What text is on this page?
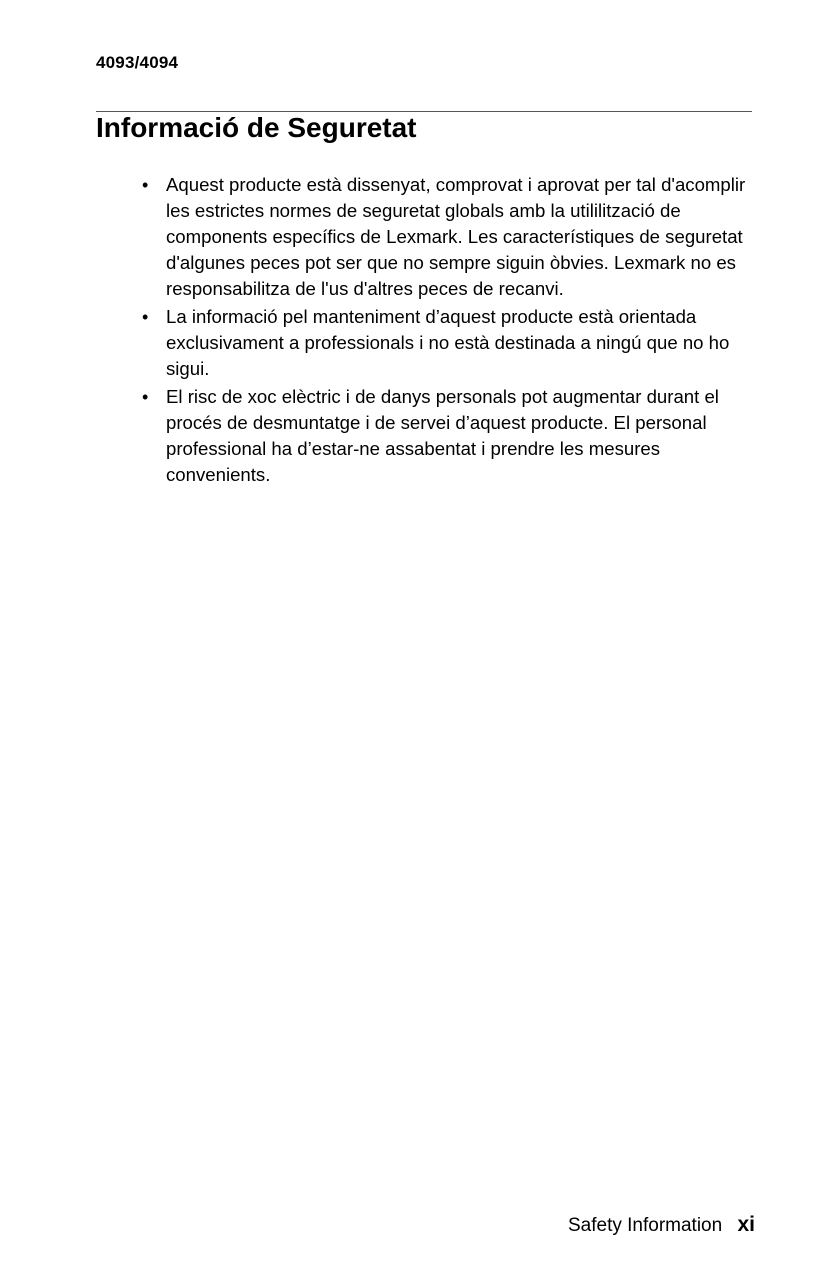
4093/4094
Informació de Seguretat
• Aquest producte està dissenyat, comprovat i aprovat per tal d'acomplir les estrictes normes de seguretat globals amb la utililització de components específics de Lexmark. Les característiques de seguretat d'algunes peces pot ser que no sempre siguin òbvies. Lexmark no es responsabilitza de l'us d'altres peces de recanvi.
• La informació pel manteniment d’aquest producte està orientada exclusivament a professionals i no està destinada a ningú que no ho sigui.
• El risc de xoc elèctric i de danys personals pot augmentar durant el procés de desmuntatge i de servei d’aquest producte. El personal professional ha d’estar-ne assabentat i prendre les mesures convenients.
Safety Information xi
